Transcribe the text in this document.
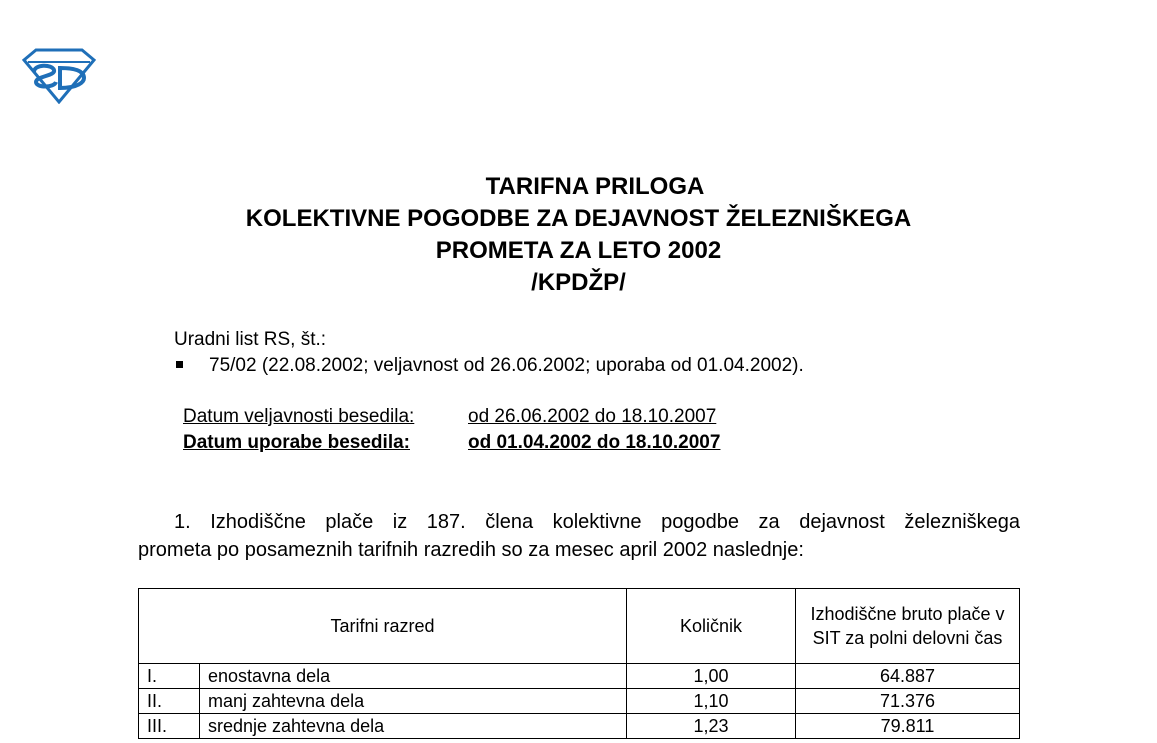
TARIFNA PRILOGA
KOLEKTIVNE POGODBE ZA DEJAVNOST ŽELEZNIŠKEGA
PROMETA ZA LETO 2002
/KPDŽP/
Uradni list RS, št.:
75/02 (22.08.2002; veljavnost od 26.06.2002; uporaba od 01.04.2002).
Datum veljavnosti besedila:	od 26.06.2002 do 18.10.2007
Datum uporabe besedila:	od 01.04.2002 do 18.10.2007
1. Izhodiščne plače iz 187. člena kolektivne pogodbe za dejavnost železniškega
prometa po posameznih tarifnih razredih so za mesec april 2002 naslednje:
Tarifni razred		Količnik	Izhodiščne bruto plače v SIT za polni delovni čas
I.	enostavna dela	1,00	64.887
II.	manj zahtevna dela	1,10	71.376
III.	srednje zahtevna dela	1,23	79.811
